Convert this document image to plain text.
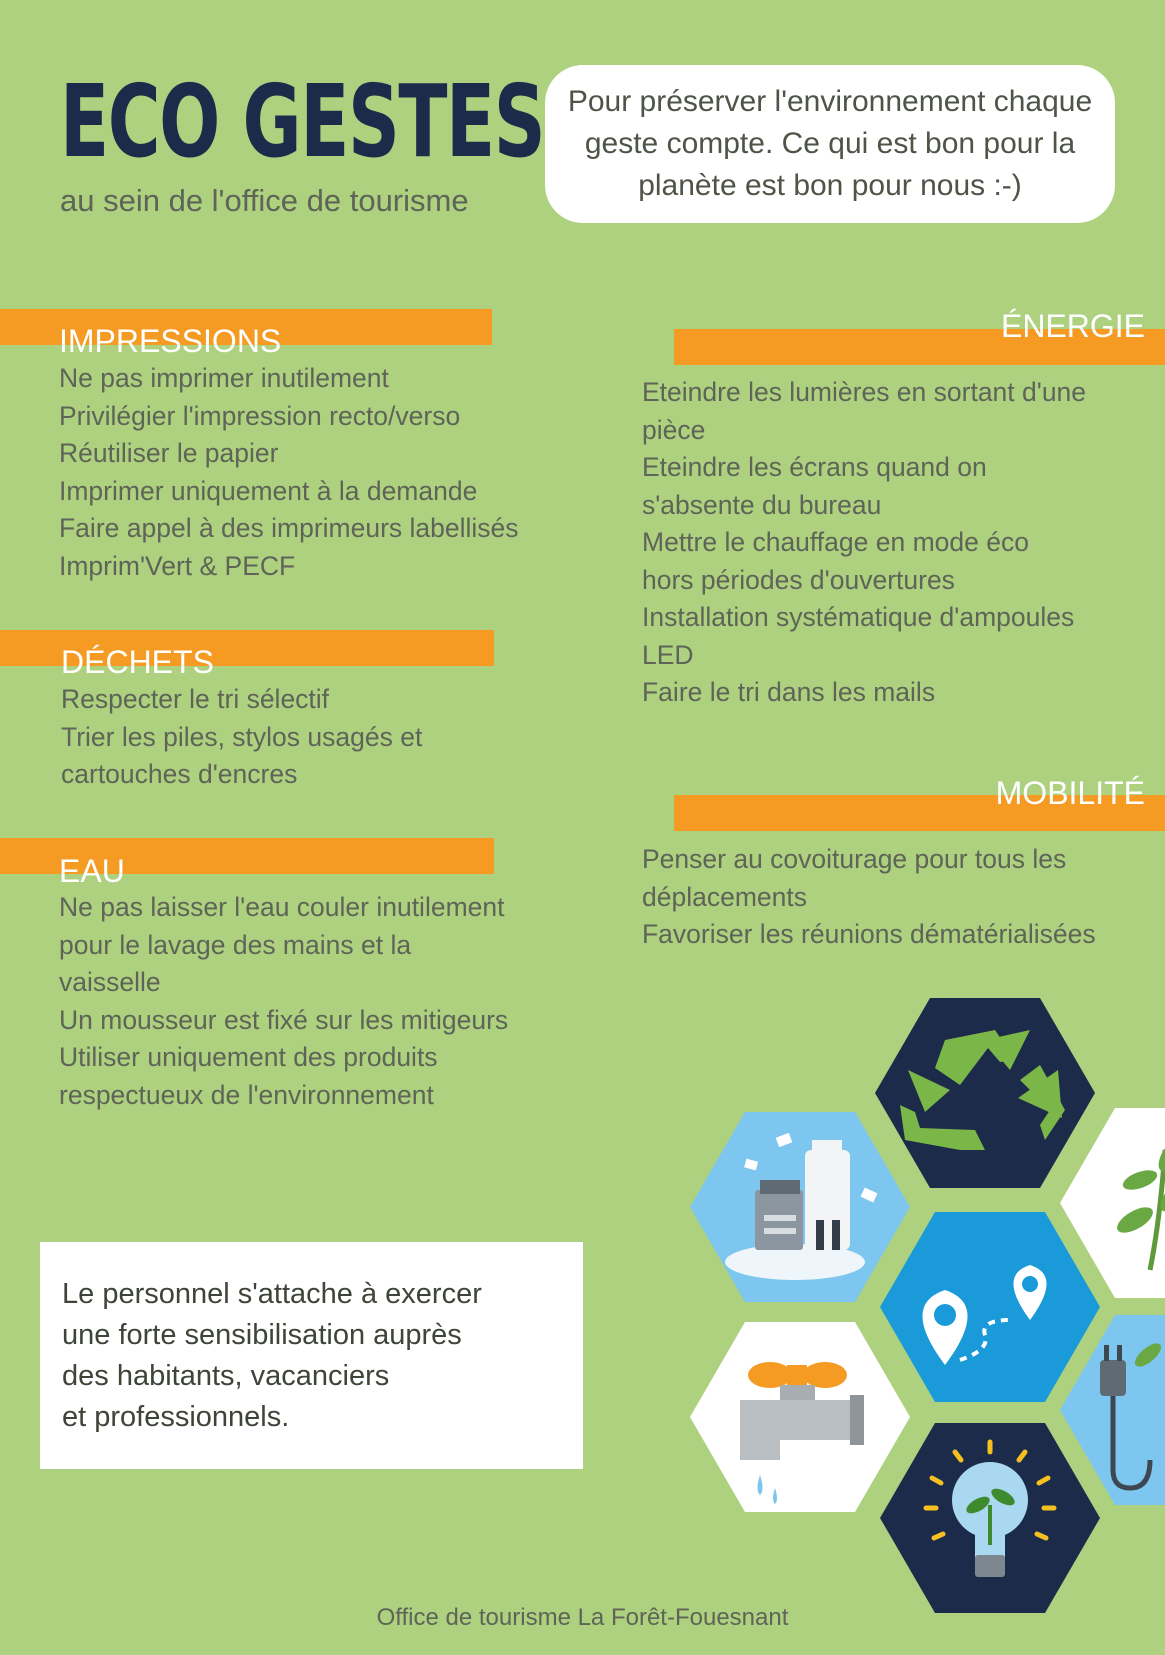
ECO GESTES
au sein de l'office de tourisme
Pour préserver l'environnement chaque geste compte. Ce qui est bon pour la planète est bon pour nous :-)
IMPRESSIONS
Ne pas imprimer inutilement
Privilégier l'impression recto/verso
Réutiliser le papier
Imprimer uniquement à la demande
Faire appel à des imprimeurs labellisés
Imprim'Vert & PECF
DÉCHETS
Respecter le tri sélectif
Trier les piles, stylos usagés et
cartouches d'encres
EAU
Ne pas laisser l'eau couler inutilement
pour le lavage des mains et la
vaisselle
Un mousseur est fixé sur les mitigeurs
Utiliser uniquement des produits
respectueux de l'environnement
ÉNERGIE
Eteindre les lumières en sortant d'une
pièce
Eteindre les écrans quand on
s'absente du bureau
Mettre le chauffage en mode éco
hors périodes d'ouvertures
Installation systématique d'ampoules
LED
Faire le tri dans les mails
MOBILITÉ
Penser au covoiturage pour tous les
déplacements
Favoriser les réunions dématérialisées
Le personnel s'attache à exercer
une forte sensibilisation auprès
des habitants, vacanciers
et professionnels.
Office de tourisme La Forêt-Fouesnant
